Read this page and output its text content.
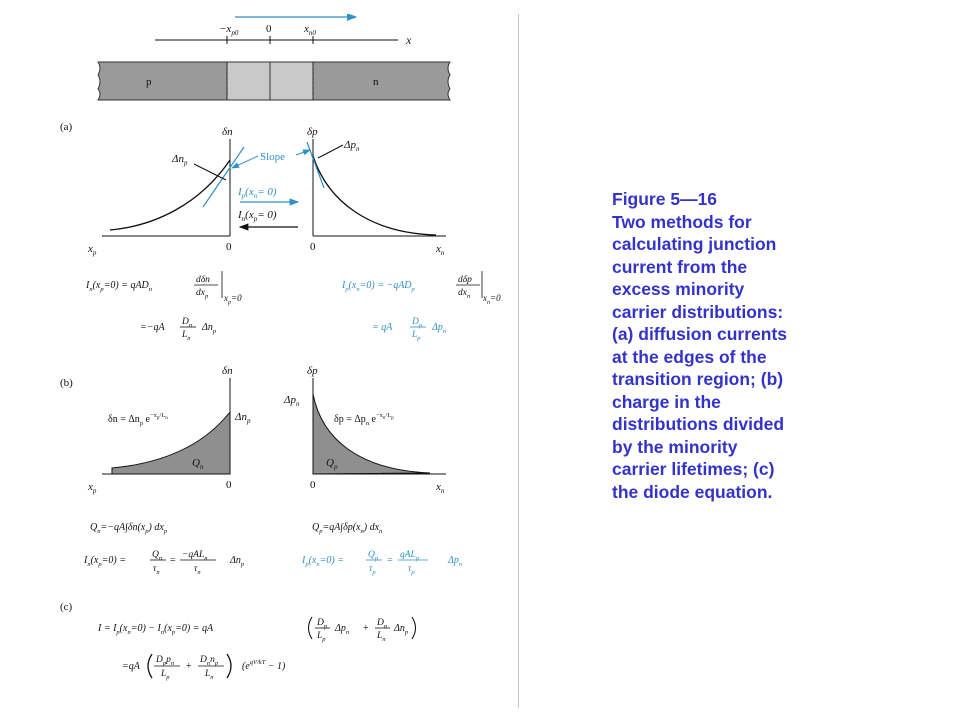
$-x_{p0}$	0	$x_{n0}$	x
p	n
(a)	δn	δp
$\Delta n_p$
$\Delta p_n$
Slope
$I_p(x_n= 0)$
$I_n(x_p= 0)$
$x_p$	0	0	$x_n$
$I_n(x_p=0) = qAD_n$
dδn
$dx_p$ $x_p=0$
=−qA $D_n$
$L_n$
$\Delta n_p$
$I_p(x_n=0) = -qAD_p$
dδp
$dx_n$ $x_n=0$
= qA $D_p$
$L_p$
$\Delta p_n$
(b)
δn	δp
$\Delta n_p$
$\Delta p_n$
$\delta n = \Delta n_p$ $e^{-x}_p^{/L}_n$	$\delta p = \Delta p_n$ $e^{-x}_n^{/L}_p$
$Q_n$	$Q_p$
$x_p$	0	0	$x_n$
$Q_n=-qA\int\delta n(x_p)$ $dx_p$	$Q_p=qA\int\delta p(x_n)$ $dx_n$
$I_n(x_p=0)$ =	$Q_n$
$\tau_n$
= −qAL$_n$
$\tau_n$
$\Delta n_p$	$I_p(x_n=0)$ =	$Q_p$
$\tau_p$
= qAL$_p$
$\tau_p$
$\Delta p_n$
(c)
$I = I_p(x_n=0) - I_n(x_p=0)$ = qA	$D_p$
$L_p$
$\Delta p_n + D_n$
$L_n$
$\Delta n_p$
=qA
$D_pp_n$
$L_p$
+
$D_nn_p$
$L_n$
$(e^{qV/kT} - 1)$

Figure 5—16
Two methods for
calculating junction
current from the
excess minority
carrier distributions:
(a) diffusion currents
at the edges of the
transition region; (b)
charge in the
distributions divided
by the minority
carrier lifetimes; (c)
the diode equation.
